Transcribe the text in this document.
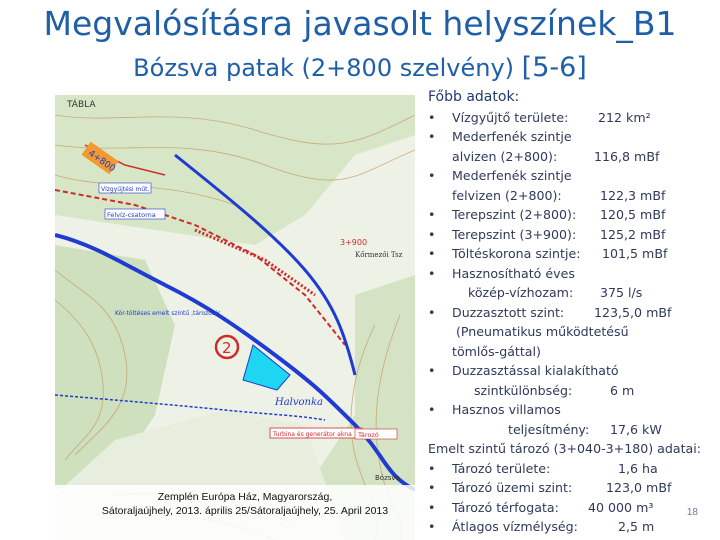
Megvalósításra javasolt helyszínek_B1
Bózsva patak (2+800 szelvény) [5-6]
4+800
2
Kör-töltéses emelt szintű ,tározótér
Halvonka
Turbina és generátor akna
TÁBLA
Kőrmezői Tsz
Bózsva
Vízgyűjtési műt.
Felvíz-csatorna
3+900
Tározó
Zemplén Európa Ház, Magyarország,
Sátoraljaújhely, 2013. április 25/Sátoraljaújhely, 25. April 2013
Főbb adatok:
• Vízgyűjtő területe: 212 km²
• Mederfenék szintje
alvizen (2+800):	116,8 mBf
• Mederfenék szintje
felvizen (2+800):	122,3 mBf
• Terepszint (2+800): 120,5 mBf
• Terepszint (3+900): 125,2 mBf
• Töltéskorona szintje: 101,5 mBf
• Hasznosítható éves
közép-vízhozam: 375 l/s
• Duzzasztott szint: 123,5,0 mBf
(Pneumatikus működtetésű
tömlős-gáttal)
• Duzzasztással kialakítható
szintkülönbség:	6 m
• Hasznos villamos
teljesítmény: 17,6 kW
Emelt szintű tározó (3+040-3+180) adatai:
• Tározó területe:	1,6 ha
• Tározó üzemi szint:	123,0 mBf
• Tározó térfogata: 40 000 m³
• Átlagos vízmélység:	2,5 m
18
